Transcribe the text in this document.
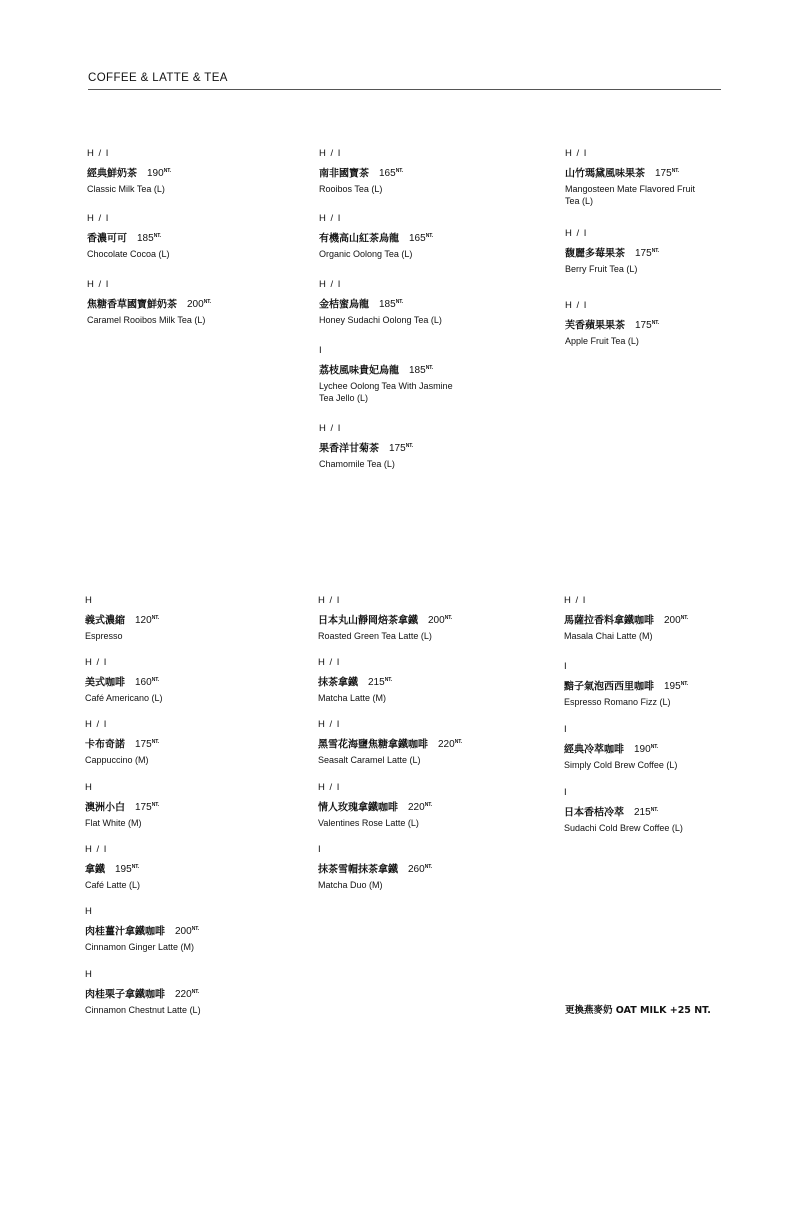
COFFEE & LATTE & TEA
H / I
經典鮮奶茶 $190^{NT.}$
Classic Milk Tea (L)
H / I
香濃可可 $185^{NT.}$
Chocolate Cocoa (L)
H / I
焦糖香草國寶鮮奶茶 $200^{NT.}$
Caramel Rooibos Milk Tea (L)
H / I
南非國寶茶 $165^{NT.}$
Rooibos Tea (L)
H / I
有機高山紅茶烏龍 $165^{NT.}$
Organic Oolong Tea (L)
H / I
金桔蜜烏龍 $185^{NT.}$
Honey Sudachi Oolong Tea (L)
I
荔枝風味貴妃烏龍 $185^{NT.}$
Lychee Oolong Tea With Jasmine Tea Jello (L)
H / I
果香洋甘菊茶 $175^{NT.}$
Chamomile Tea (L)
H / I
山竹瑪黛風味果茶 $175^{NT.}$
Mangosteen Mate Flavored Fruit Tea (L)
H / I
馥麗多莓果茶 $175^{NT.}$
Berry Fruit Tea (L)
H / I
芙香蘋果果茶 $175^{NT.}$
Apple Fruit Tea (L)
H
義式濃縮 $120^{NT.}$
Espresso
H / I
美式咖啡 $160^{NT.}$
Café Americano (L)
H / I
卡布奇諾 $175^{NT.}$
Cappuccino (M)
H
澳洲小白 $175^{NT.}$
Flat White (M)
H / I
拿鐵 $195^{NT.}$
Café Latte (L)
H
肉桂薑汁拿鐵咖啡 $200^{NT.}$
Cinnamon Ginger Latte (M)
H
肉桂栗子拿鐵咖啡 $220^{NT.}$
Cinnamon Chestnut Latte (L)
H / I
日本丸山靜岡焙茶拿鐵 $200^{NT.}$
Roasted Green Tea Latte (L)
H / I
抹茶拿鐵 $215^{NT.}$
Matcha Latte (M)
H / I
黑雪花海鹽焦糖拿鐵咖啡 $220^{NT.}$
Seasalt Caramel Latte (L)
H / I
情人玫瑰拿鐵咖啡 $220^{NT.}$
Valentines Rose Latte (L)
I
抹茶雪帽抹茶拿鐵 $260^{NT.}$
Matcha Duo (M)
H / I
馬薩拉香料拿鐵咖啡 $200^{NT.}$
Masala Chai Latte (M)
I
黯子氣泡西西里咖啡 $195^{NT.}$
Espresso Romano Fizz (L)
I
經典冷萃咖啡 $190^{NT.}$
Simply Cold Brew Coffee (L)
I
日本香桔冷萃 $215^{NT.}$
Sudachi Cold Brew Coffee (L)
更換燕麥奶 OAT MILK +25 NT.
